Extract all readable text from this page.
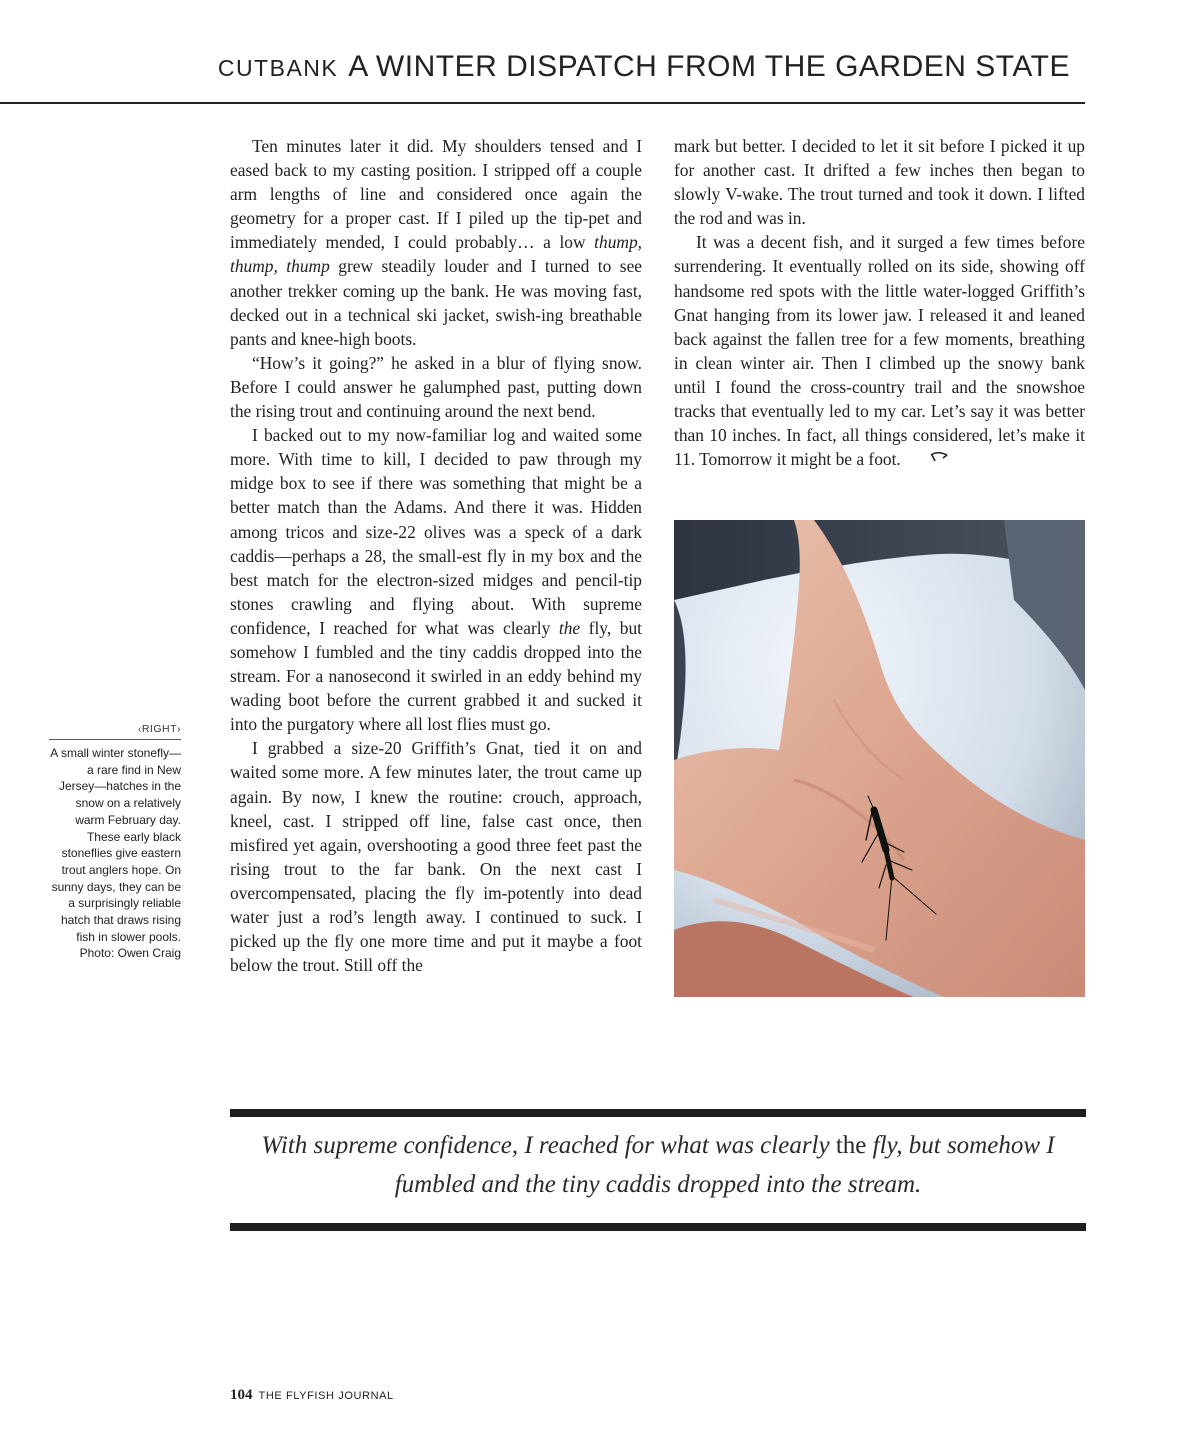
CUTBANK A WINTER DISPATCH FROM THE GARDEN STATE

Ten minutes later it did. My shoulders tensed and I eased back to my casting position. I stripped off a couple arm lengths of line and considered once again the geometry for a proper cast. If I piled up the tip-pet and immediately mended, I could probably… a low thump, thump, thump grew steadily louder and I turned to see another trekker coming up the bank. He was moving fast, decked out in a technical ski jacket, swish-ing breathable pants and knee-high boots.

“How’s it going?” he asked in a blur of flying snow. Before I could answer he galumphed past, putting down the rising trout and continuing around the next bend.

I backed out to my now-familiar log and waited some more. With time to kill, I decided to paw through my midge box to see if there was something that might be a better match than the Adams. And there it was. Hidden among tricos and size-22 olives was a speck of a dark caddis—perhaps a 28, the small-est fly in my box and the best match for the electron-sized midges and pencil-tip stones crawling and flying about. With supreme confidence, I reached for what was clearly the fly, but somehow I fumbled and the tiny caddis dropped into the stream. For a nanosecond it swirled in an eddy behind my wading boot before the current grabbed it and sucked it into the purgatory where all lost flies must go.

I grabbed a size-20 Griffith’s Gnat, tied it on and waited some more. A few minutes later, the trout came up again. By now, I knew the routine: crouch, approach, kneel, cast. I stripped off line, false cast once, then misfired yet again, overshooting a good three feet past the rising trout to the far bank. On the next cast I overcompensated, placing the fly im-potently into dead water just a rod’s length away. I continued to suck. I picked up the fly one more time and put it maybe a foot below the trout. Still off the

mark but better. I decided to let it sit before I picked it up for another cast. It drifted a few inches then began to slowly V-wake. The trout turned and took it down. I lifted the rod and was in.

It was a decent fish, and it surged a few times before surrendering. It eventually rolled on its side, showing off handsome red spots with the little water-logged Griffith’s Gnat hanging from its lower jaw. I released it and leaned back against the fallen tree for a few moments, breathing in clean winter air. Then I climbed up the snowy bank until I found the cross-country trail and the snowshoe tracks that eventually led to my car. Let’s say it was better than 10 inches. In fact, all things considered, let’s make it 11. Tomorrow it might be a foot.

‹RIGHT›
A small winter stonefly—a rare find in New Jersey—hatches in the snow on a relatively warm February day. These early black stoneflies give eastern trout anglers hope. On sunny days, they can be a surprisingly reliable hatch that draws rising fish in slower pools. Photo: Owen Craig
With supreme confidence, I reached for what was clearly the fly, but somehow I fumbled and the tiny caddis dropped into the stream.
104 THE FLYFISH JOURNAL
